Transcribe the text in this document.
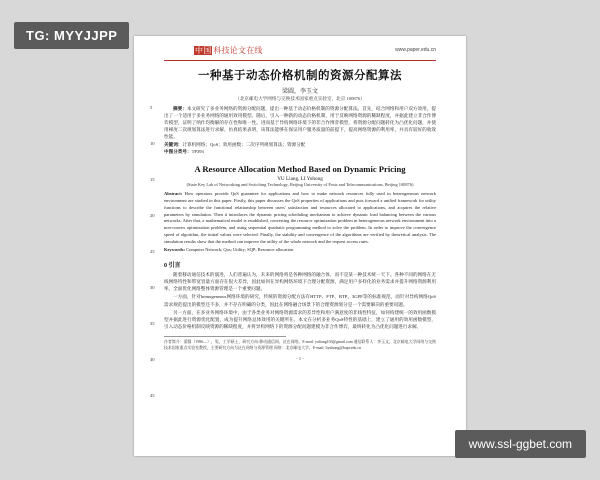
TG: MYYJJPP
中国 科技论文在线	www.paper.edu.cn
一种基于动态价格机制的资源分配算法
梁圆，李玉文
（北京邮电大学网络与交换技术国家重点实验室，北京 100876）
5
10
15
20
25
30
35
40
45

摘要：本文研究了多业务网络的资源分配问题，提出一种基于动态价格机制的资源分配算法。首先，结合网络和用户双方效用，提出了一个适用于多业务网络的通用效用模型。随后，引入一种新的动态价格机制，用于反映网络资源的稀缺程度，并据此建立非合作博弈模型，证明了纳什均衡解的存在性和唯一性。进而基于异构网络环境下的非合作博弈模型，将资源分配问题转化为凸优化问题，并使用梯度二次规划算法进行求解。仿真结果表明，该算法能够在保证用户服务质量的前提下，提高网络资源的利用率，并具有较好的收敛性能。

关键词：计算机网络；QoS；效用函数；二次序列规划算法；资源分配

中图分类号：TP393

A Resource Allocation Method Based on Dynamic Pricing
YU Liang, LI Yuhong
(State Key Lab of Networking and Switching Technology, Beijing University of Posts and Telecommunications, Beijing 100876)

Abstract: How operators provide QoS guarantee for applications and how to make network resources fully used in heterogeneous network environment are studied in this paper. Firstly, this paper discusses the QoS properties of applications and puts forward a unified framework for utility functions to describe the functional relationship between users' satisfaction and resources allocated to applications, and acquires the relative parameters by simulation. Then it introduces the dynamic pricing scheduling mechanism to achieve dynamic load balancing between the various networks. After that, a mathematical model is established, converting the resource optimization problem in heterogeneous network environment into a non-convex optimization problem, and using sequential quadratic programming method to solve the problem. In order to improve the convergence speed of algorithm, the initial values were selected. Finally, the stability and convergence of the algorithms are verified by theoretical analysis. The simulation results show that the method can improve the utility of the whole network and the request access rates.

Keywords: Computer Network; Qos; Utility; SQP; Resource allocation

0 引言

随着移动通信技术的演进，人们普遍认为，未来的网络将是各种网络的融合体，而不是某一种技术统一天下。各种不同的网络在无线网络特性和带宽容量方面存在很大差异，因此如何在异构网络环境下合理分配资源，满足用户多样化的业务需求并提升网络资源利用率，全面优化网络整体资源管理是一个重要问题。

一方面，针对homogeneous网络环境的研究，传统的资源分配方法有HTTP、FTP、BTP、3GPP等的标准规范，而针对异构网络QoS 需求规范提出的模型还不多，并不存在明确的分类，因此在网络融合场景下的合理资源划分是一个需要解决的重要问题。

另一方面，在多业务网络环境中，由于各类业务对网络资源需求的差异性和用户满意度的非线性特征，如何构建统一的效用函数模型并据此进行资源优化配置，成为提升网络总体效用的关键所在。本文在分析多业务QoS特性的基础上，建立了通用的效用函数模型，引入动态价格机制反映资源的稀缺程度，并将异构网络下的资源分配问题建模为非合作博弈，最终转化为凸优化问题进行求解。

作者简介：梁圆（1986—），男，工学硕士，研究方向:移动通信网、泛在网络。E-mail: yuliang103@gmail.com 通信联系人：李玉文，北京邮电大学网络与交换技术国家重点实验室教授，主要研究方向为泛在网络与资源管理 网络：北京邮电大学。E-mail: liyuhong@bupt.edu.cn
- 1 -
www.ssl-ggbet.com
